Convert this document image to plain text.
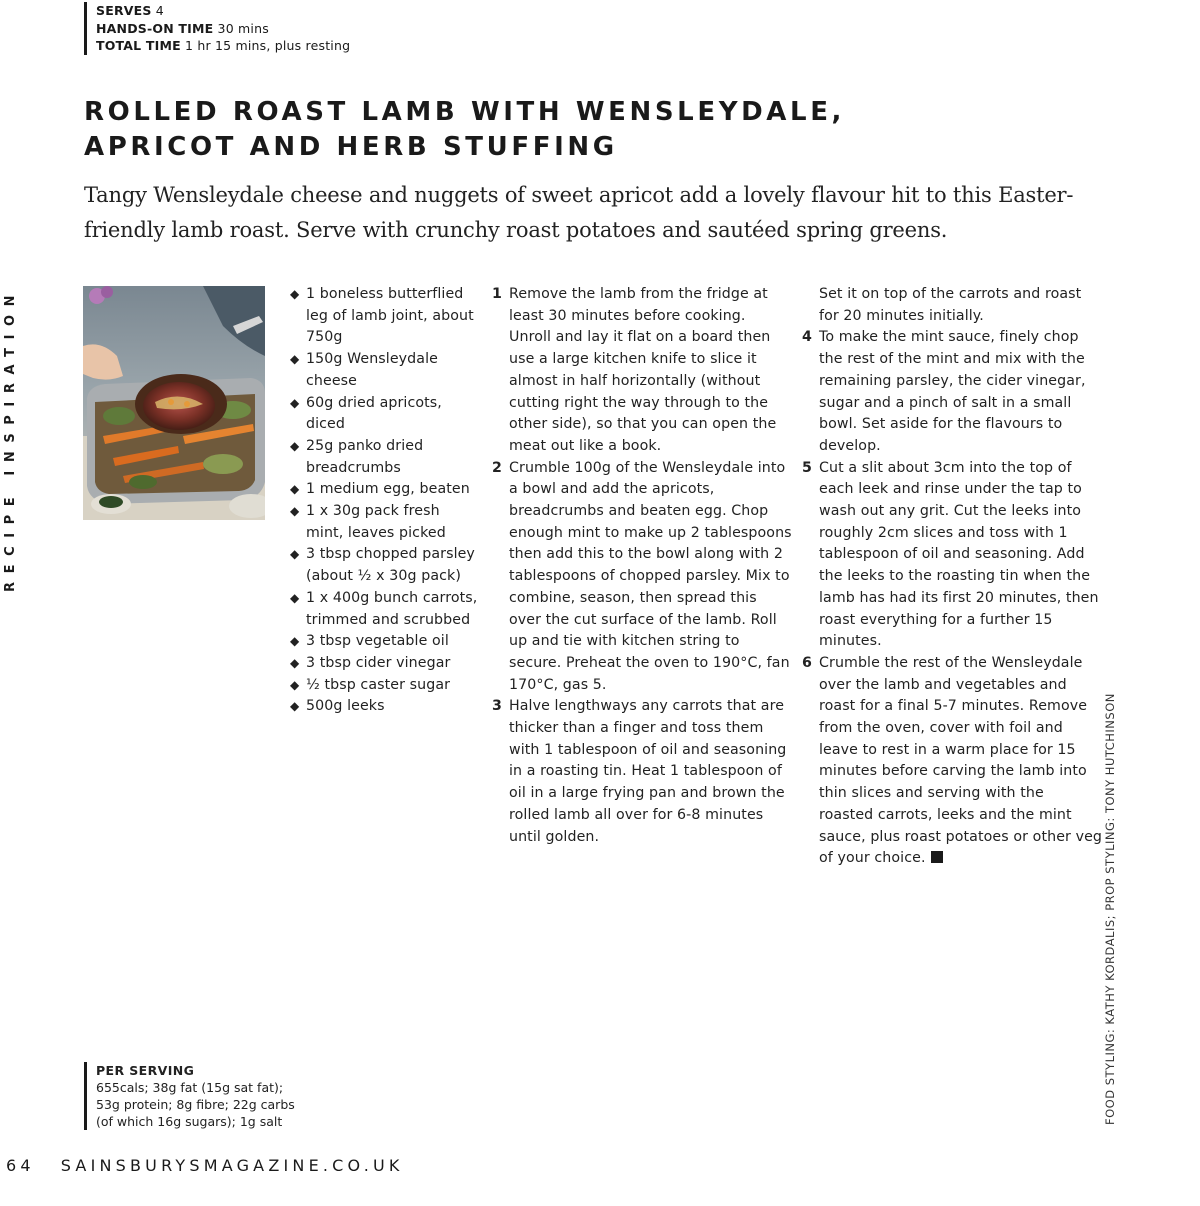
SERVES 4
HANDS-ON TIME 30 mins
TOTAL TIME 1 hr 15 mins, plus resting
ROLLED ROAST LAMB WITH WENSLEYDALE,
APRICOT AND HERB STUFFING

Tangy Wensleydale cheese and nuggets of sweet apricot add a lovely flavour hit to this Easter-friendly lamb roast. Serve with crunchy roast potatoes and sautéed spring greens.

RECIPE INSPIRATION
FOOD STYLING: KATHY KORDALIS; PROP STYLING: TONY HUTCHINSON
◆ 1 boneless butterflied leg of lamb joint, about 750g
◆ 150g Wensleydale cheese
◆ 60g dried apricots, diced
◆ 25g panko dried breadcrumbs
◆ 1 medium egg, beaten
◆ 1 x 30g pack fresh mint, leaves picked
◆ 3 tbsp chopped parsley (about ½ x 30g pack)
◆ 1 x 400g bunch carrots, trimmed and scrubbed
◆ 3 tbsp vegetable oil
◆ 3 tbsp cider vinegar
◆ ½ tbsp caster sugar
◆ 500g leeks
1 Remove the lamb from the fridge at least 30 minutes before cooking. Unroll and lay it flat on a board then use a large kitchen knife to slice it almost in half horizontally (without cutting right the way through to the other side), so that you can open the meat out like a book.
2 Crumble 100g of the Wensleydale into a bowl and add the apricots, breadcrumbs and beaten egg. Chop enough mint to make up 2 tablespoons then add this to the bowl along with 2 tablespoons of chopped parsley. Mix to combine, season, then spread this over the cut surface of the lamb. Roll up and tie with kitchen string to secure. Preheat the oven to 190°C, fan 170°C, gas 5.
3 Halve lengthways any carrots that are thicker than a finger and toss them with 1 tablespoon of oil and seasoning in a roasting tin. Heat 1 tablespoon of oil in a large frying pan and brown the rolled lamb all over for 6-8 minutes until golden.
Set it on top of the carrots and roast for 20 minutes initially.
4 To make the mint sauce, finely chop the rest of the mint and mix with the remaining parsley, the cider vinegar, sugar and a pinch of salt in a small bowl. Set aside for the flavours to develop.
5 Cut a slit about 3cm into the top of each leek and rinse under the tap to wash out any grit. Cut the leeks into roughly 2cm slices and toss with 1 tablespoon of oil and seasoning. Add the leeks to the roasting tin when the lamb has had its first 20 minutes, then roast everything for a further 15 minutes.
6 Crumble the rest of the Wensleydale over the lamb and vegetables and roast for a final 5-7 minutes. Remove from the oven, cover with foil and leave to rest in a warm place for 15 minutes before carving the lamb into thin slices and serving with the roasted carrots, leeks and the mint sauce, plus roast potatoes or other veg of your choice.
PER SERVING
655cals; 38g fat (15g sat fat);
53g protein; 8g fibre; 22g carbs
(of which 16g sugars); 1g salt
64 SAINSBURYSMAGAZINE.CO.UK
